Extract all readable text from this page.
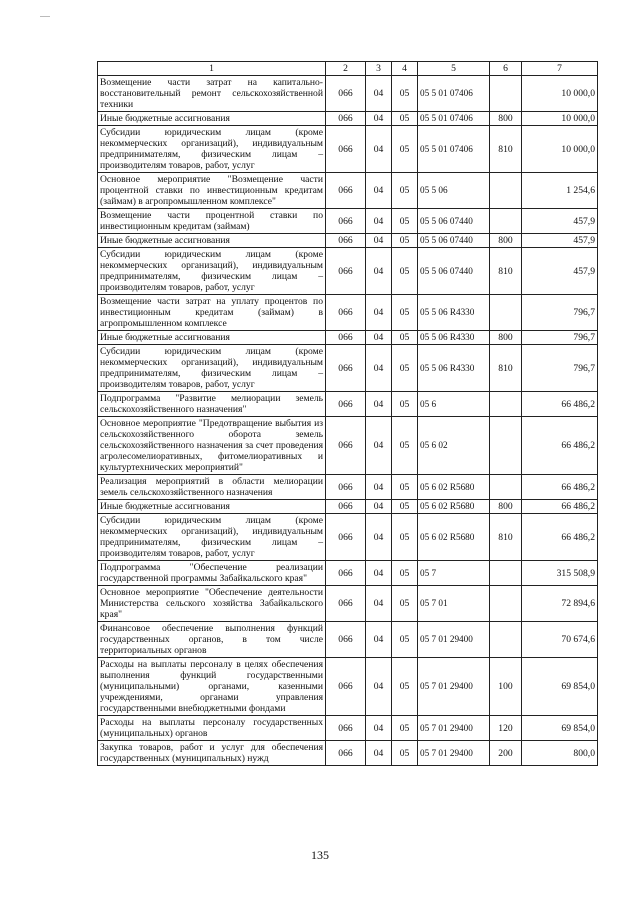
1	2	3	4	5	6	7
Возмещение части затрат на капитально-восстановительный ремонт сельскохозяйственной техники	066	04	05	05 5 01 07406		10 000,0
Иные бюджетные ассигнования	066	04	05	05 5 01 07406	800	10 000,0
Субсидии юридическим лицам (кроме некоммерческих организаций), индивидуальным предпринимателям, физическим лицам – производителям товаров, работ, услуг	066	04	05	05 5 01 07406	810	10 000,0
Основное мероприятие "Возмещение части процентной ставки по инвестиционным кредитам (займам) в агропромышленном комплексе"	066	04	05	05 5 06		1 254,6
Возмещение части процентной ставки по инвестиционным кредитам (займам)	066	04	05	05 5 06 07440		457,9
Иные бюджетные ассигнования	066	04	05	05 5 06 07440	800	457,9
Субсидии юридическим лицам (кроме некоммерческих организаций), индивидуальным предпринимателям, физическим лицам – производителям товаров, работ, услуг	066	04	05	05 5 06 07440	810	457,9
Возмещение части затрат на уплату процентов по инвестиционным кредитам (займам) в агропромышленном комплексе	066	04	05	05 5 06 R4330		796,7
Иные бюджетные ассигнования	066	04	05	05 5 06 R4330	800	796,7
Субсидии юридическим лицам (кроме некоммерческих организаций), индивидуальным предпринимателям, физическим лицам – производителям товаров, работ, услуг	066	04	05	05 5 06 R4330	810	796,7
Подпрограмма "Развитие мелиорации земель сельскохозяйственного назначения"	066	04	05	05 6		66 486,2
Основное мероприятие "Предотвращение выбытия из сельскохозяйственного оборота земель сельскохозяйственного назначения за счет проведения агролесомелиоративных, фитомелиоративных и культуртехнических мероприятий"	066	04	05	05 6 02		66 486,2
Реализация мероприятий в области мелиорации земель сельскохозяйственного назначения	066	04	05	05 6 02 R5680		66 486,2
Иные бюджетные ассигнования	066	04	05	05 6 02 R5680	800	66 486,2
Субсидии юридическим лицам (кроме некоммерческих организаций), индивидуальным предпринимателям, физическим лицам – производителям товаров, работ, услуг	066	04	05	05 6 02 R5680	810	66 486,2
Подпрограмма "Обеспечение реализации государственной программы Забайкальского края"	066	04	05	05 7		315 508,9
Основное мероприятие "Обеспечение деятельности Министерства сельского хозяйства Забайкальского края"	066	04	05	05 7 01		72 894,6
Финансовое обеспечение выполнения функций государственных органов, в том числе территориальных органов	066	04	05	05 7 01 29400		70 674,6
Расходы на выплаты персоналу в целях обеспечения выполнения функций государственными (муниципальными) органами, казенными учреждениями, органами управления государственными внебюджетными фондами	066	04	05	05 7 01 29400	100	69 854,0
Расходы на выплаты персоналу государственных (муниципальных) органов	066	04	05	05 7 01 29400	120	69 854,0
Закупка товаров, работ и услуг для обеспечения государственных (муниципальных) нужд	066	04	05	05 7 01 29400	200	800,0
135
